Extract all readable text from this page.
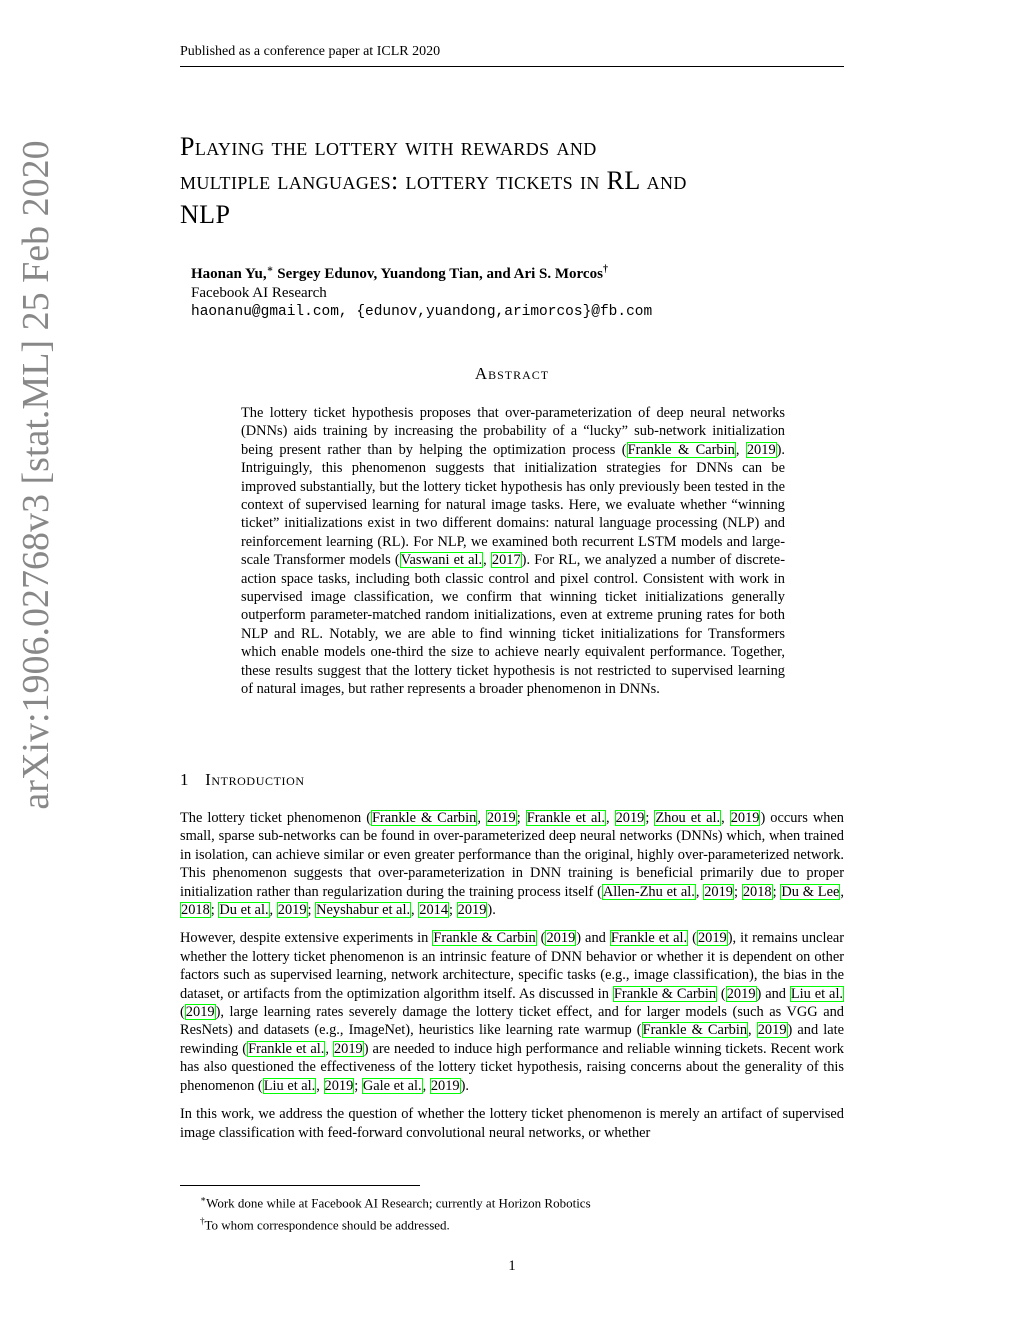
Published as a conference paper at ICLR 2020
arXiv:1906.02768v3 [stat.ML] 25 Feb 2020	Playing the lottery with rewards and
multiple languages: lottery tickets in RL and
NLP
Haonan Yu,∗ Sergey Edunov, Yuandong Tian, and Ari S. Morcos†
Facebook AI Research
haonanu@gmail.com, {edunov,yuandong,arimorcos}@fb.com
Abstract
The lottery ticket hypothesis proposes that over-parameterization of deep neural networks (DNNs) aids training by increasing the probability of a “lucky” sub-network initialization being present rather than by helping the optimization process (Frankle & Carbin, 2019). Intriguingly, this phenomenon suggests that initialization strategies for DNNs can be improved substantially, but the lottery ticket hypothesis has only previously been tested in the context of supervised learning for natural image tasks. Here, we evaluate whether “winning ticket” initializations exist in two different domains: natural language processing (NLP) and reinforcement learning (RL). For NLP, we examined both recurrent LSTM models and large-scale Transformer models (Vaswani et al., 2017). For RL, we analyzed a number of discrete-action space tasks, including both classic control and pixel control. Consistent with work in supervised image classification, we confirm that winning ticket initializations generally outperform parameter-matched random initializations, even at extreme pruning rates for both NLP and RL. Notably, we are able to find winning ticket initializations for Transformers which enable models one-third the size to achieve nearly equivalent performance. Together, these results suggest that the lottery ticket hypothesis is not restricted to supervised learning of natural images, but rather represents a broader phenomenon in DNNs.
1 Introduction

The lottery ticket phenomenon (Frankle & Carbin, 2019; Frankle et al., 2019; Zhou et al., 2019) occurs when small, sparse sub-networks can be found in over-parameterized deep neural networks (DNNs) which, when trained in isolation, can achieve similar or even greater performance than the original, highly over-parameterized network. This phenomenon suggests that over-parameterization in DNN training is beneficial primarily due to proper initialization rather than regularization during the training process itself (Allen-Zhu et al., 2019; 2018; Du & Lee, 2018; Du et al., 2019; Neyshabur et al., 2014; 2019).

However, despite extensive experiments in Frankle & Carbin (2019) and Frankle et al. (2019), it remains unclear whether the lottery ticket phenomenon is an intrinsic feature of DNN behavior or whether it is dependent on other factors such as supervised learning, network architecture, specific tasks (e.g., image classification), the bias in the dataset, or artifacts from the optimization algorithm itself. As discussed in Frankle & Carbin (2019) and Liu et al. (2019), large learning rates severely damage the lottery ticket effect, and for larger models (such as VGG and ResNets) and datasets (e.g., ImageNet), heuristics like learning rate warmup (Frankle & Carbin, 2019) and late rewinding (Frankle et al., 2019) are needed to induce high performance and reliable winning tickets. Recent work has also questioned the effectiveness of the lottery ticket hypothesis, raising concerns about the generality of this phenomenon (Liu et al., 2019; Gale et al., 2019).

In this work, we address the question of whether the lottery ticket phenomenon is merely an artifact of supervised image classification with feed-forward convolutional neural networks, or whether

∗Work done while at Facebook AI Research; currently at Horizon Robotics
†To whom correspondence should be addressed.
1
